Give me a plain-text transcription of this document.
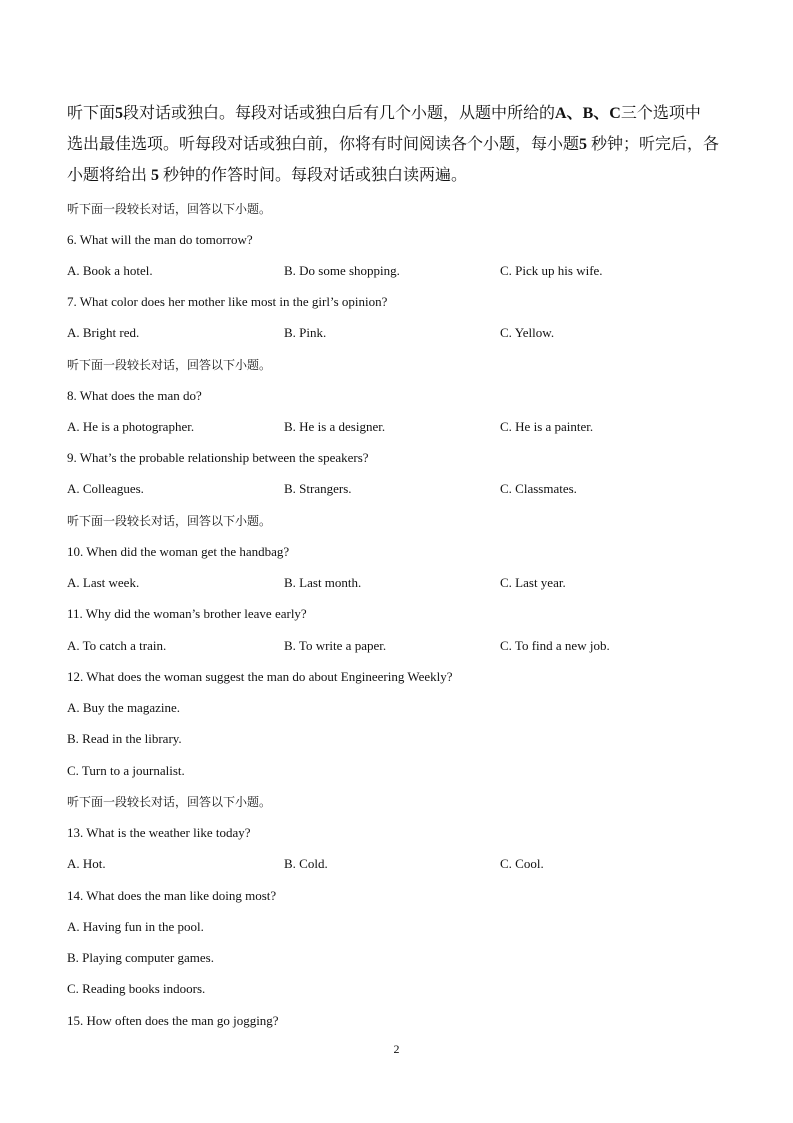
听下面5段对话或独白。每段对话或独白后有几个小题，从题中所给的A、B、C三个选项中
选出最佳选项。听每段对话或独白前，你将有时间阅读各个小题，每小题5 秒钟；听完后，各
小题将给出 5 秒钟的作答时间。每段对话或独白读两遍。
听下面一段较长对话，回答以下小题。
6. What will the man do tomorrow?
A. Book a hotel.	B. Do some shopping.	C. Pick up his wife.
7. What color does her mother like most in the girl’s opinion?
A. Bright red.	B. Pink.	C. Yellow.
听下面一段较长对话，回答以下小题。
8. What does the man do?
A. He is a photographer.	B. He is a designer.	C. He is a painter.
9. What’s the probable relationship between the speakers?
A. Colleagues.	B. Strangers.	C. Classmates.
听下面一段较长对话，回答以下小题。
10. When did the woman get the handbag?
A. Last week.	B. Last month.	C. Last year.
11. Why did the woman’s brother leave early?
A. To catch a train.	B. To write a paper.	C. To find a new job.
12. What does the woman suggest the man do about Engineering Weekly?
A. Buy the magazine.
B. Read in the library.
C. Turn to a journalist.
听下面一段较长对话，回答以下小题。
13. What is the weather like today?
A. Hot.	B. Cold.	C. Cool.
14. What does the man like doing most?
A. Having fun in the pool.
B. Playing computer games.
C. Reading books indoors.
15. How often does the man go jogging?
2
